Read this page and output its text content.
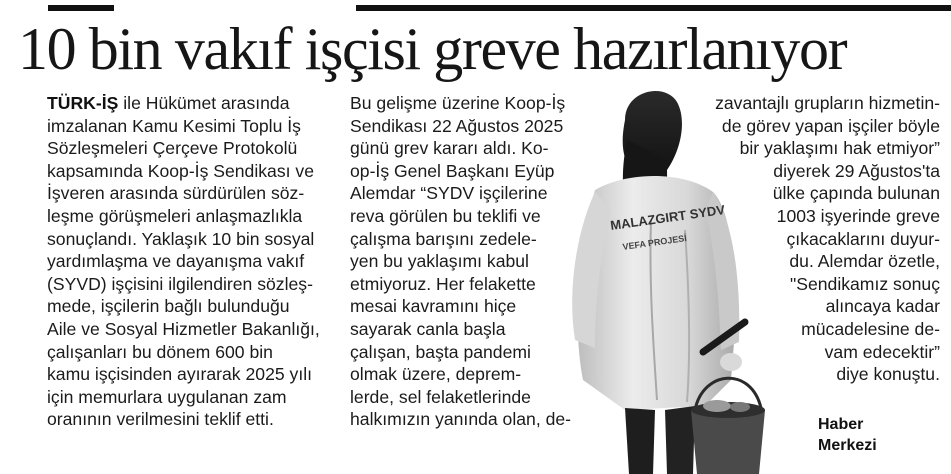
10 bin vakıf işçisi greve hazırlanıyor
TÜRK-İŞ ile Hükümet arasında
imzalanan Kamu Kesimi Toplu İş
Sözleşmeleri Çerçeve Protokolü
kapsamında Koop-İş Sendikası ve
İşveren arasında sürdürülen söz-
leşme görüşmeleri anlaşmazlıkla
sonuçlandı. Yaklaşık 10 bin sosyal
yardımlaşma ve dayanışma vakıf
(SYVD) işçisini ilgilendiren sözleş-
mede, işçilerin bağlı bulunduğu
Aile ve Sosyal Hizmetler Bakanlığı,
çalışanları bu dönem 600 bin
kamu işçisinden ayırarak 2025 yılı
için memurlara uygulanan zam
oranının verilmesini teklif etti.
Bu gelişme üzerine Koop-İş
Sendikası 22 Ağustos 2025
günü grev kararı aldı. Ko-
op-İş Genel Başkanı Eyüp
Alemdar “SYDV işçilerine
reva görülen bu teklifi ve
çalışma barışını zedele-
yen bu yaklaşımı kabul
etmiyoruz. Her felakette
mesai kavramını hiçe
sayarak canla başla
çalışan, başta pandemi
olmak üzere, deprem-
lerde, sel felaketlerinde
halkımızın yanında olan, de-
MALAZGIRT SYDV
VEFA PROJESİ
zavantajlı grupların hizmetin-
de görev yapan işçiler böyle
bir yaklaşımı hak etmiyor”
diyerek 29 Ağustos'ta
ülke çapında bulunan
1003 işyerinde greve
çıkacaklarını duyur-
du. Alemdar özetle,
"Sendikamız sonuç
alıncaya kadar
mücadelesine de-
vam edecektir”
diye konuştu.
Haber
Merkezi
